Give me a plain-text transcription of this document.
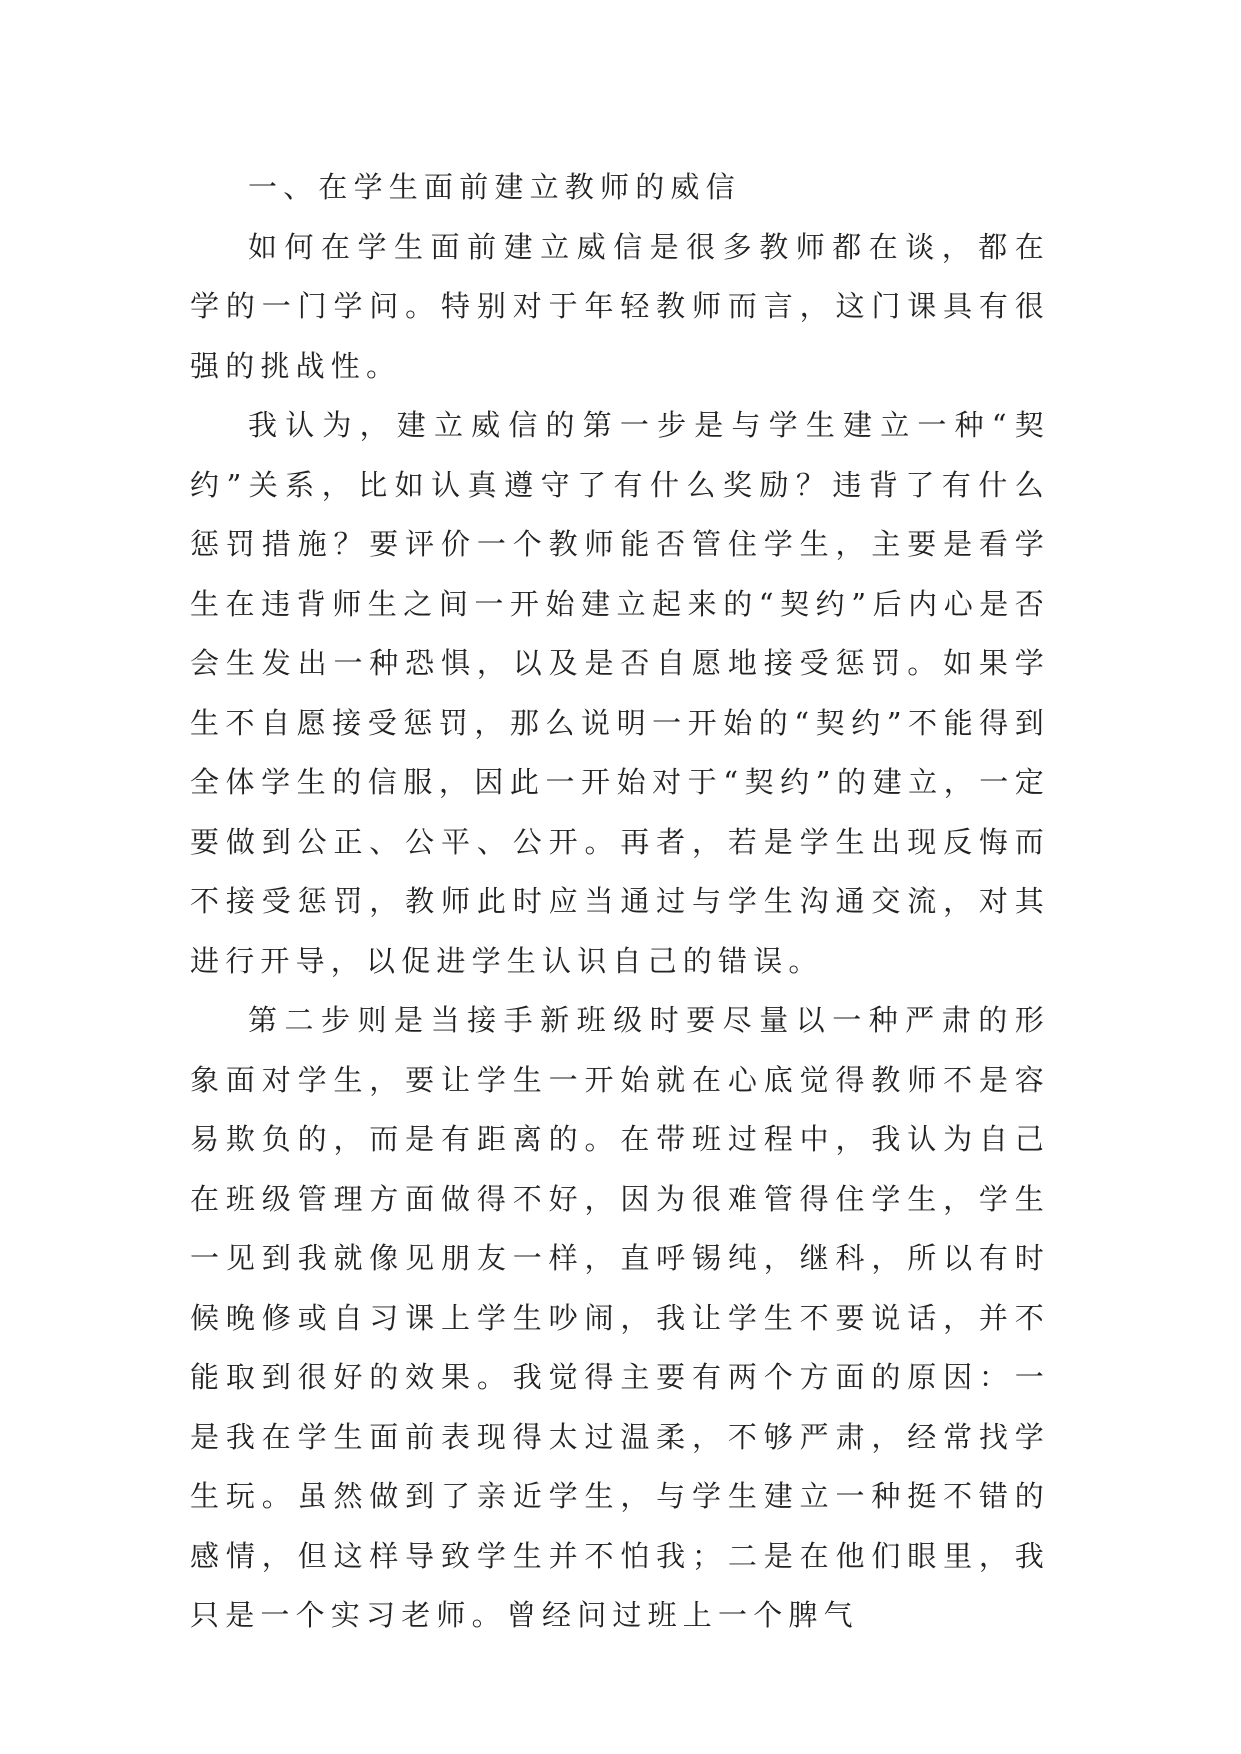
一、在学生面前建立教师的威信

如何在学生面前建立威信是很多教师都在谈，都在学的一门学问。特别对于年轻教师而言，这门课具有很强的挑战性。

我认为，建立威信的第一步是与学生建立一种“契约”关系，比如认真遵守了有什么奖励？违背了有什么惩罚措施？要评价一个教师能否管住学生，主要是看学生在违背师生之间一开始建立起来的“契约”后内心是否会生发出一种恐惧，以及是否自愿地接受惩罚。如果学生不自愿接受惩罚，那么说明一开始的“契约”不能得到全体学生的信服，因此一开始对于“契约”的建立，一定要做到公正、公平、公开。再者，若是学生出现反悔而不接受惩罚，教师此时应当通过与学生沟通交流，对其进行开导，以促进学生认识自己的错误。

第二步则是当接手新班级时要尽量以一种严肃的形象面对学生，要让学生一开始就在心底觉得教师不是容易欺负的，而是有距离的。在带班过程中，我认为自己在班级管理方面做得不好，因为很难管得住学生，学生一见到我就像见朋友一样，直呼锡纯，继科，所以有时候晚修或自习课上学生吵闹，我让学生不要说话，并不能取到很好的效果。我觉得主要有两个方面的原因：一是我在学生面前表现得太过温柔，不够严肃，经常找学生玩。虽然做到了亲近学生，与学生建立一种挺不错的感情，但这样导致学生并不怕我；二是在他们眼里，我只是一个实习老师。曾经问过班上一个脾气
